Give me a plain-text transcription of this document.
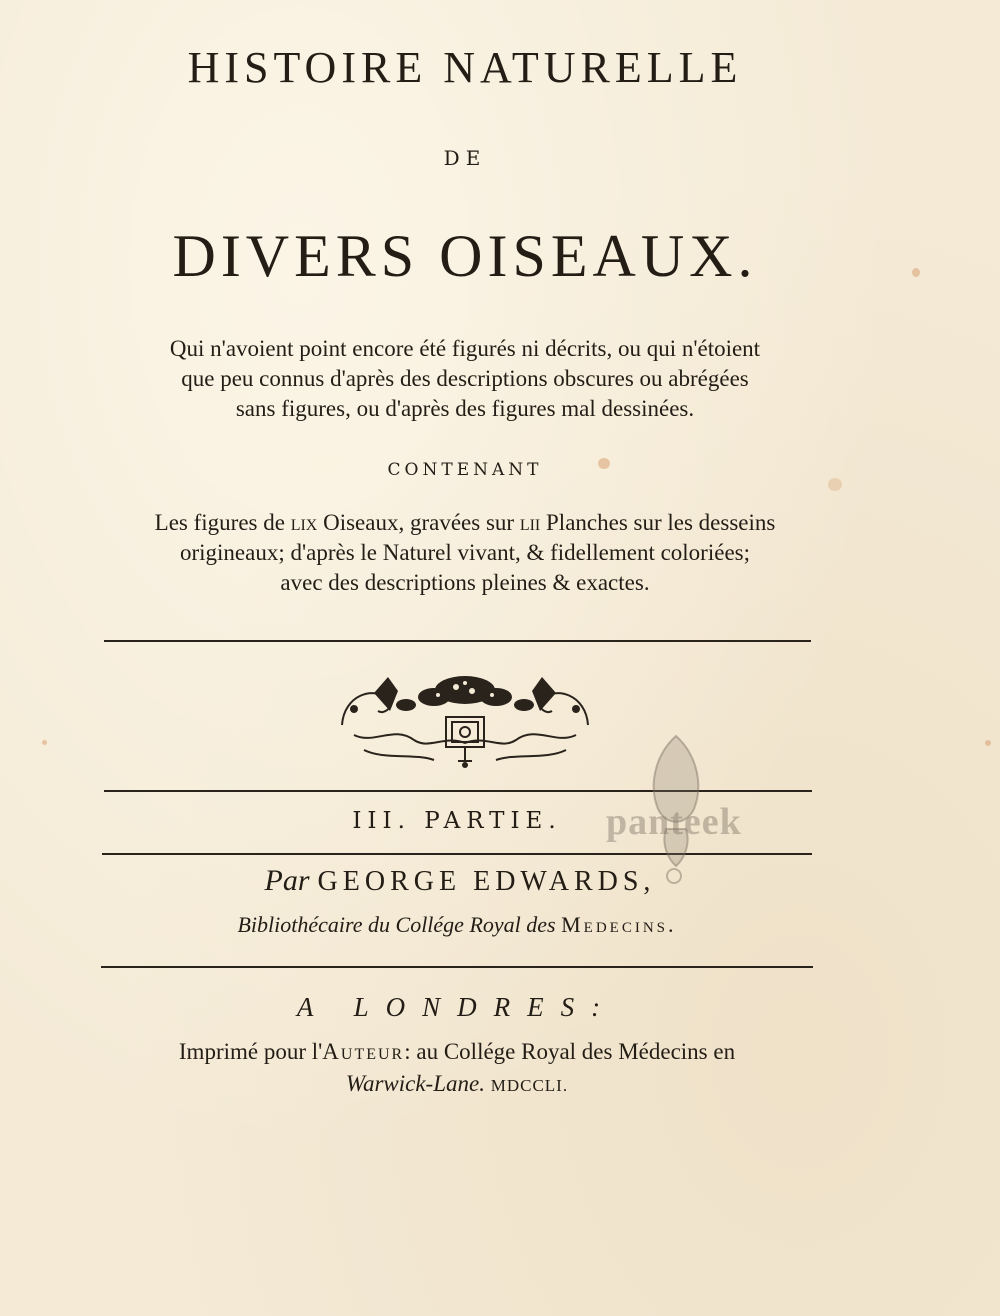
HISTOIRE NATURELLE
DE
DIVERS OISEAUX.
Qui n'avoient point encore été figurés ni décrits, ou qui n'étoient
que peu connus d'après des descriptions obscures ou abrégées
sans figures, ou d'après des figures mal dessinées.
CONTENANT
Les figures de lix Oiseaux, gravées sur lii Planches sur les desseins
origineaux; d'après le Naturel vivant, & fidellement coloriées;
avec des descriptions pleines & exactes.
III. PARTIE.
Par GEORGE EDWARDS,
Bibliothécaire du Collége Royal des Medecins.
A LONDRES:
Imprimé pour l'Auteur: au Collége Royal des Médecins en
Warwick-Lane. MDCCLI.
panteek
